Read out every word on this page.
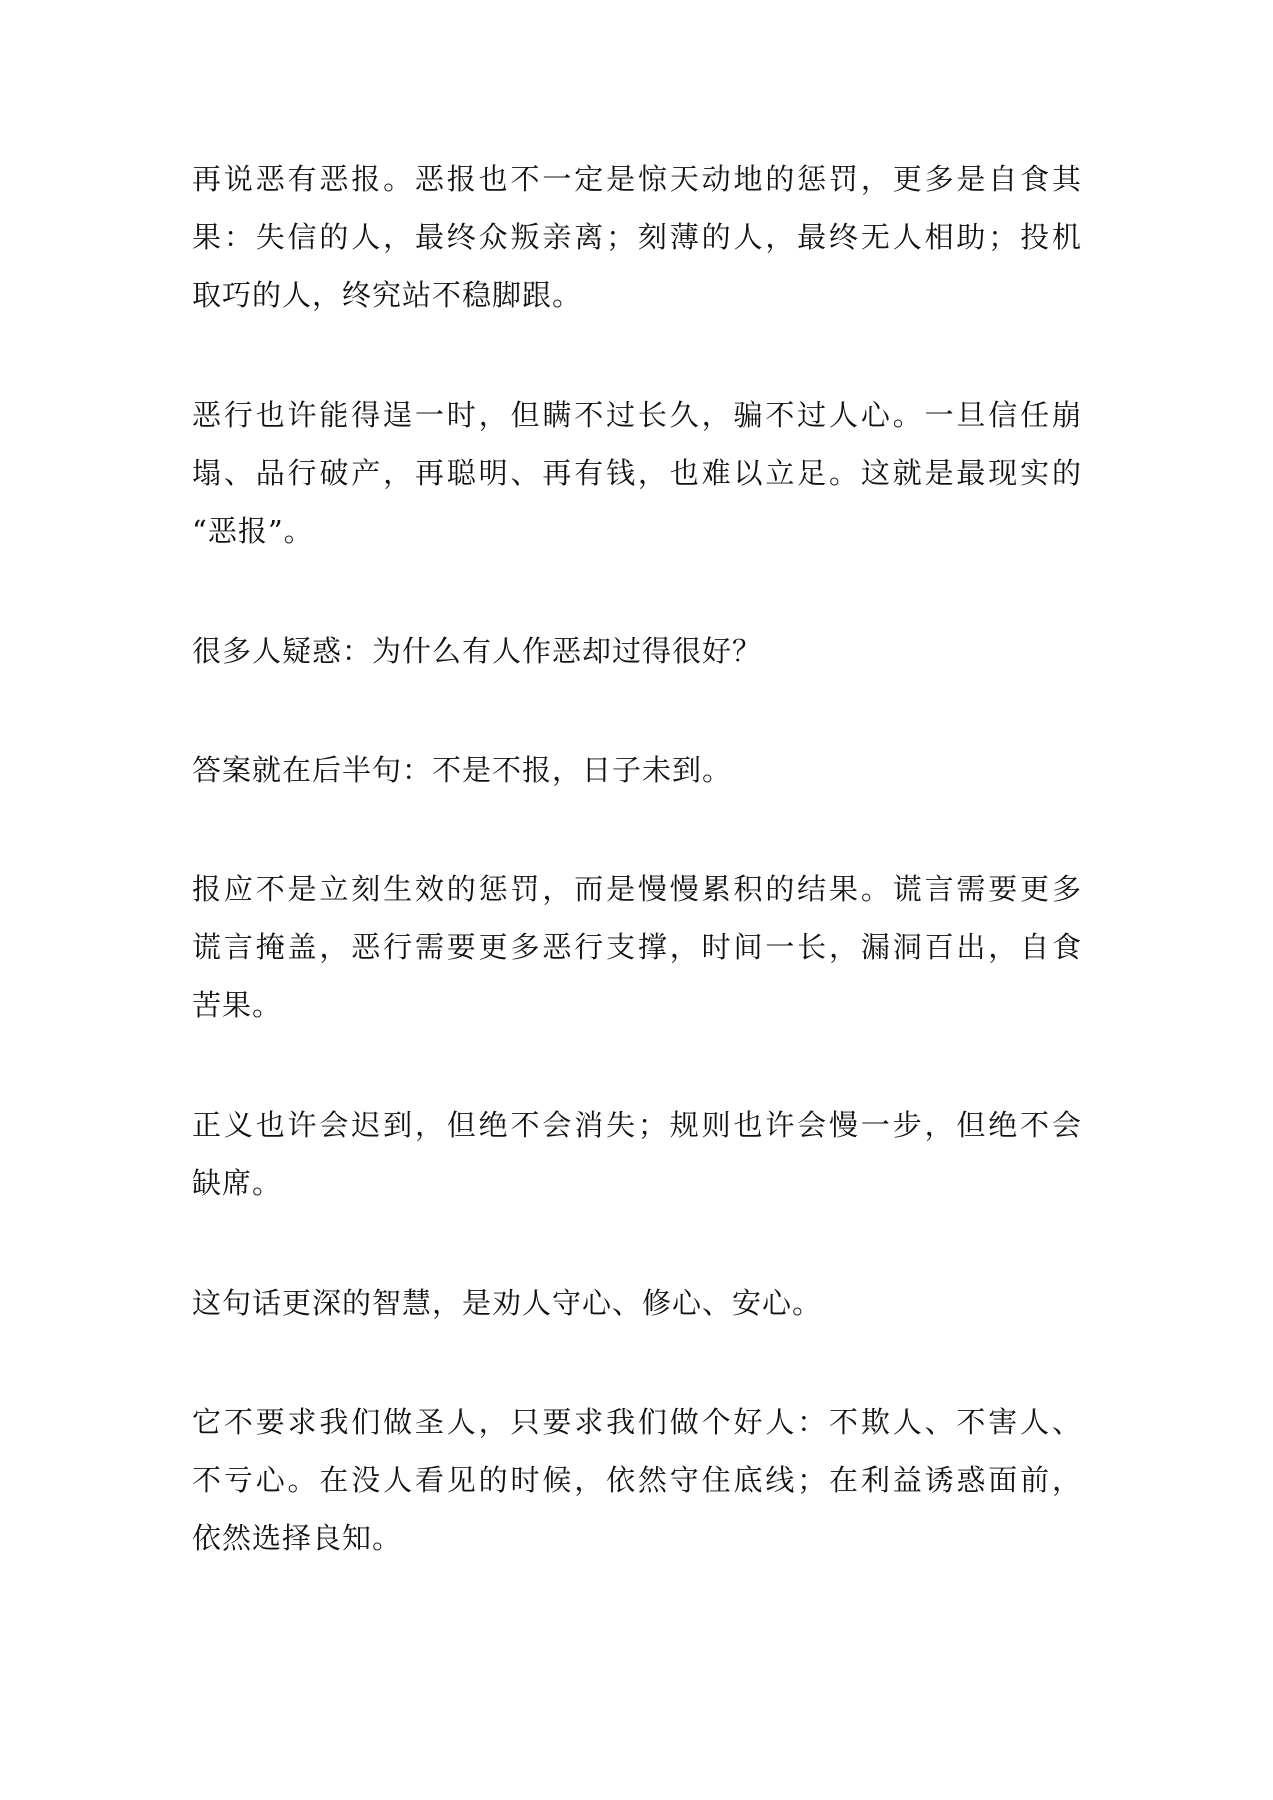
再说恶有恶报。恶报也不一定是惊天动地的惩罚，更多是自食其
果：失信的人，最终众叛亲离；刻薄的人，最终无人相助；投机
取巧的人，终究站不稳脚跟。
恶行也许能得逞一时，但瞒不过长久，骗不过人心。一旦信任崩
塌、品行破产，再聪明、再有钱，也难以立足。这就是最现实的
“恶报”。
很多人疑惑：为什么有人作恶却过得很好？
答案就在后半句：不是不报，日子未到。
报应不是立刻生效的惩罚，而是慢慢累积的结果。谎言需要更多
谎言掩盖，恶行需要更多恶行支撑，时间一长，漏洞百出，自食
苦果。
正义也许会迟到，但绝不会消失；规则也许会慢一步，但绝不会
缺席。
这句话更深的智慧，是劝人守心、修心、安心。
它不要求我们做圣人，只要求我们做个好人：不欺人、不害人、
不亏心。在没人看见的时候，依然守住底线；在利益诱惑面前，
依然选择良知。
